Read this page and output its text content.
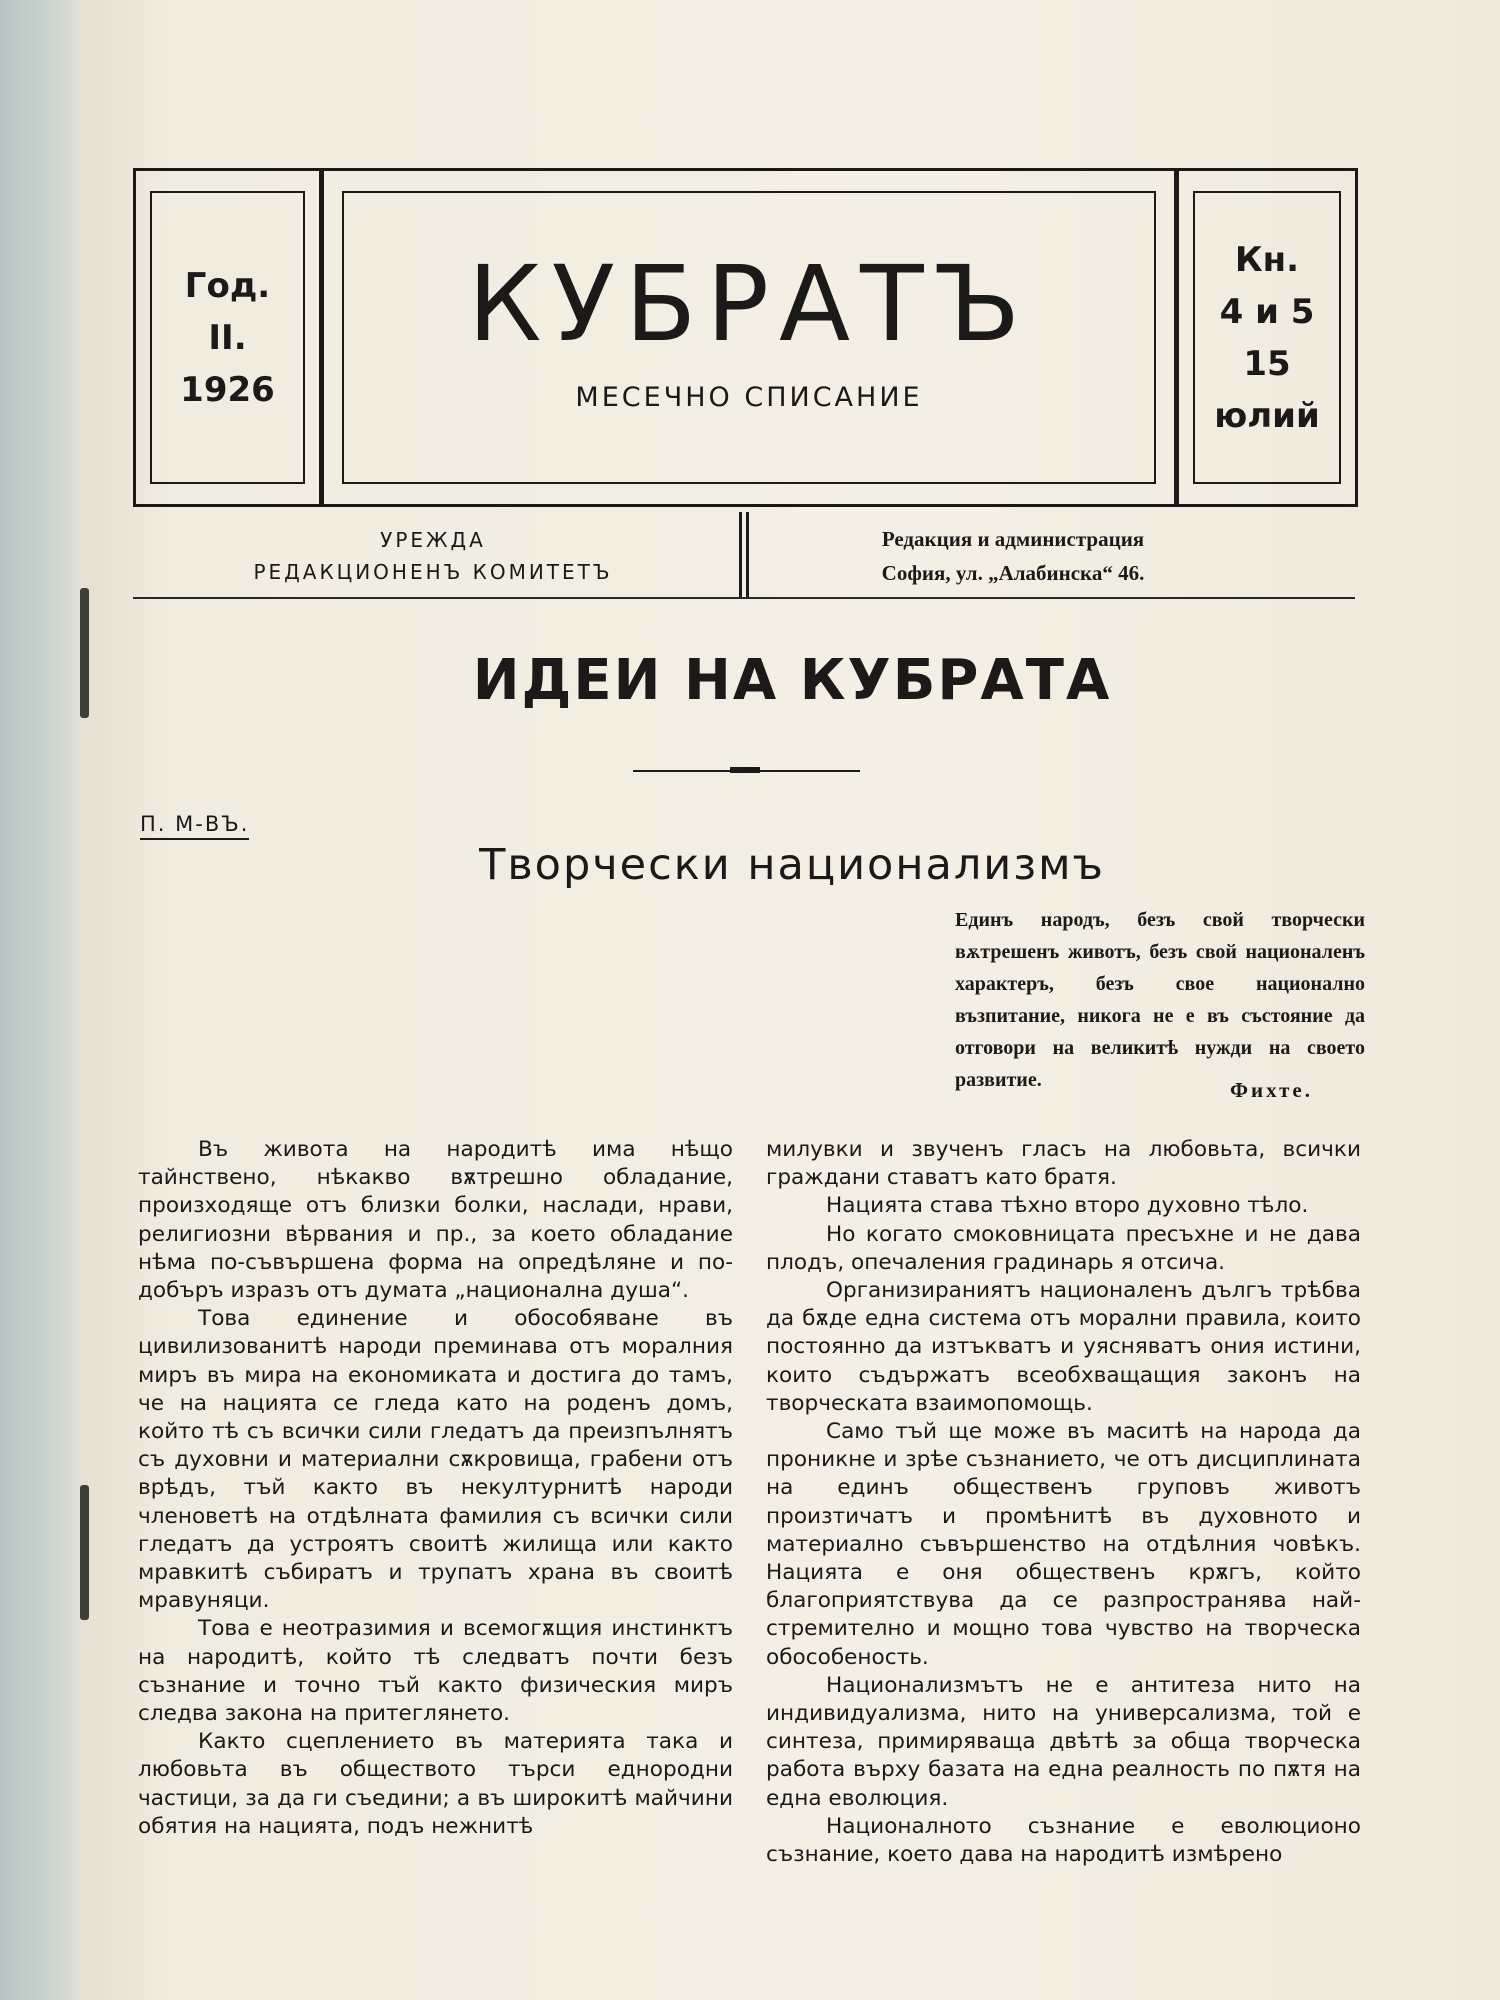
Год.
II.
1926
КУБРАТЪ
МЕСЕЧНО СПИСАНИЕ
Кн.
4 и 5
15 юлий
УРЕЖДА
РЕДАКЦИОНЕНЪ КОМИТЕТЪ
Редакция и администрация
София, ул. „Алабинска“ 46.
ИДЕИ НА КУБРАТА
П. М-ВЪ.
Творчески национализмъ
Единъ народъ, безъ свой творчески вѫтрешенъ животъ, безъ свой националенъ характеръ, безъ свое национално възпитание, никога не е въ състояние да отговори на великитѣ нужди на своето развитие.	Фихте.

Въ живота на народитѣ има нѣщо тайнствено, нѣкакво вѫтрешно обладание, произходяще отъ близки болки, наслади, нрави, религиозни вѣрвания и пр., за което обладание нѣма по-съвършена форма на опредѣляне и по-добъръ изразъ отъ думата „национална душа“.

Това единение и обособяване въ цивилизованитѣ народи преминава отъ моралния миръ въ мира на економиката и достига до тамъ, че на нацията се гледа като на роденъ домъ, който тѣ съ всички сили гледатъ да преизпълнятъ съ духовни и материални сѫкровища, грабени отъ врѣдъ, тъй както въ некултурнитѣ народи членоветѣ на отдѣлната фамилия съ всички сили гледатъ да устроятъ своитѣ жилища или както мравкитѣ събиратъ и трупатъ храна въ своитѣ мравуняци.

Това е неотразимия и всемогѫщия инстинктъ на народитѣ, който тѣ следватъ почти безъ съзнание и точно тъй както физическия миръ следва закона на притеглянето.

Както сцеплението въ материята така и любовьта въ обществото търси еднородни частици, за да ги съедини; а въ широкитѣ майчини обятия на нацията, подъ нежнитѣ

милувки и звученъ гласъ на любовьта, всички граждани ставатъ като братя.

Нацията става тѣхно второ духовно тѣло.

Но когато смоковницата пресъхне и не дава плодъ, опечаления градинарь я отсича.

Организираниятъ националенъ дългъ трѣбва да бѫде една система отъ морални правила, които постоянно да изтъкватъ и уясняватъ ония истини, които съдържатъ всеобхващащия законъ на творческата взаимопомощь.

Само тъй ще може въ маситѣ на народа да проникне и зрѣе съзнанието, че отъ дисциплината на единъ общественъ груповъ животъ произтичатъ и промѣнитѣ въ духовното и материално съвършенство на отдѣлния човѣкъ. Нацията е оня общественъ крѫгъ, който благоприятствува да се разпространява най-стремително и мощно това чувство на творческа обособеность.

Национализмътъ не е антитеза нито на индивидуализма, нито на универсализма, той е синтеза, примиряваща двѣтѣ за обща творческа работа върху базата на една реалность по пѫтя на една еволюция.

Националното съзнание е еволюционо съзнание, което дава на народитѣ измѣрено
